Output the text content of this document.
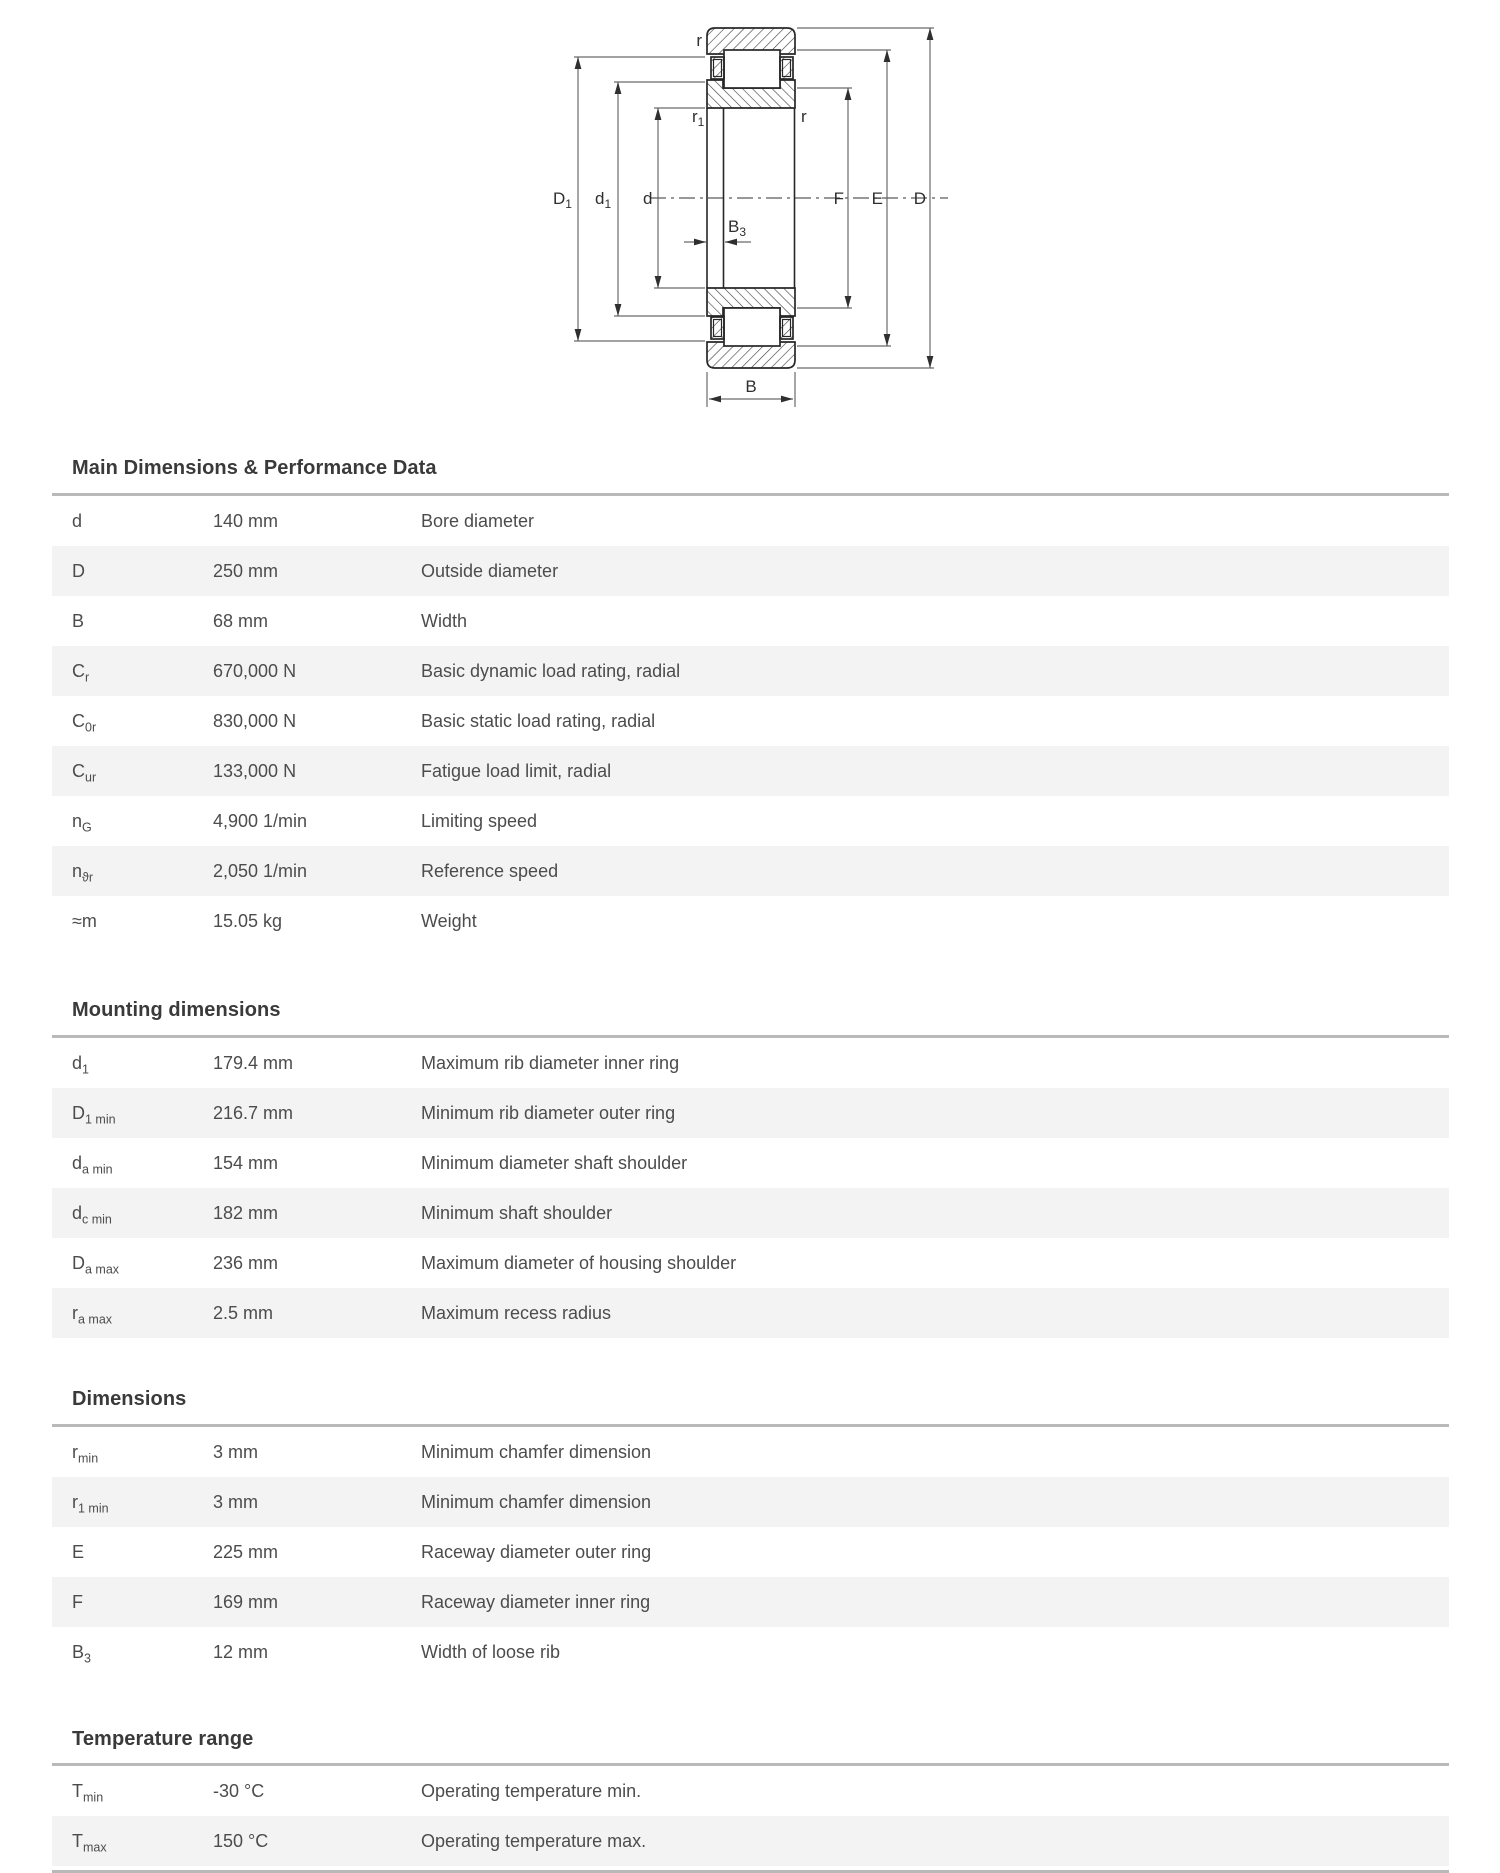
r
$r_1$	r
$D_1$ $d_1$ d
$B_3$
F E D
B
Main Dimensions & Performance Data
d	140 mm	Bore diameter
D	250 mm	Outside diameter
B	68 mm	Width
$C_r$	670,000 N	Basic dynamic load rating, radial
$C_{0r}$	830,000 N	Basic static load rating, radial
$C_{ur}$	133,000 N	Fatigue load limit, radial
$n_G$	4,900 1/min	Limiting speed
$n_{ϑr}$	2,050 1/min	Reference speed
≈m	15.05 kg	Weight
Mounting dimensions
$d_1$	179.4 mm	Maximum rib diameter inner ring
$D_{1 min}$	216.7 mm	Minimum rib diameter outer ring
$d_{a min}$	154 mm	Minimum diameter shaft shoulder
$d_{c min}$	182 mm	Minimum shaft shoulder
$D_{a max}$	236 mm	Maximum diameter of housing shoulder
$r_{a max}$	2.5 mm	Maximum recess radius
Dimensions
$r_{min}$	3 mm	Minimum chamfer dimension
$r_{1 min}$	3 mm	Minimum chamfer dimension
E	225 mm	Raceway diameter outer ring
F	169 mm	Raceway diameter inner ring
$B_3$	12 mm	Width of loose rib
Temperature range
$T_{min}$	-30 °C	Operating temperature min.
$T_{max}$	150 °C	Operating temperature max.
